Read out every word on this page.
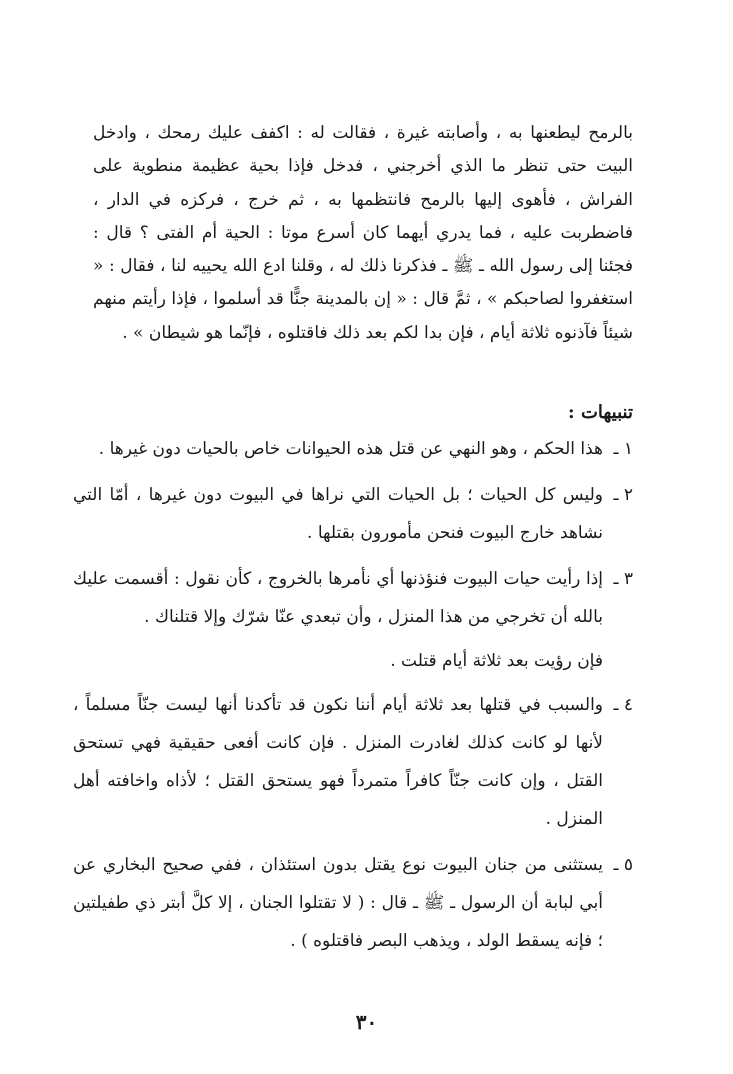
بالرمح ليطعنها به ، وأصابته غيرة ، فقالت له : اكفف عليك رمحك ، وادخل البيت حتى تنظر ما الذي أخرجني ، فدخل فإذا بحية عظيمة منطوية على الفراش ، فأهوى إليها بالرمح فانتظمها به ، ثم خرج ، فركزه في الدار ، فاضطربت عليه ، فما يدري أيهما كان أسرع موتا : الحية أم الفتى ؟ قال : فجئنا إلى رسول الله ـ ﷺ ـ فذكرنا ذلك له ، وقلنا ادع الله يحييه لنا ، فقال : « استغفروا لصاحبكم » ، ثمَّ قال : « إن بالمدينة جنًّا قد أسلموا ، فإذا رأيتم منهم شيئاً فآذنوه ثلاثة أيام ، فإن بدا لكم بعد ذلك فاقتلوه ، فإنّما هو شيطان » .

تنبيهات :
١ ـ
هذا الحكم ، وهو النهي عن قتل هذه الحيوانات خاص بالحيات دون غيرها .
٢ ـ
وليس كل الحيات ؛ بل الحيات التي نراها في البيوت دون غيرها ، أمّا التي نشاهد خارج البيوت فنحن مأمورون بقتلها .
٣ ـ
إذا رأيت حيات البيوت فنؤذنها أي نأمرها بالخروج ، كأن نقول : أقسمت عليك بالله أن تخرجي من هذا المنزل ، وأن تبعدي عنّا شرّك وإلا قتلناك .
فإن رؤيت بعد ثلاثة أيام قتلت .
٤ ـ
والسبب في قتلها بعد ثلاثة أيام أننا نكون قد تأكدنا أنها ليست جنّاً مسلماً ، لأنها لو كانت كذلك لغادرت المنزل . فإن كانت أفعى حقيقية فهي تستحق القتل ، وإن كانت جنّاً كافراً متمرداً فهو يستحق القتل ؛ لأذاه واخافته أهل المنزل .
٥ ـ
يستثنى من جنان البيوت نوع يقتل بدون استئذان ، ففي صحيح البخاري عن أبي لبابة أن الرسول ـ ﷺ ـ قال : ( لا تقتلوا الجنان ، إلا كلَّ أبتر ذي طفيلتين ؛ فإنه يسقط الولد ، ويذهب البصر فاقتلوه ) .
٣٠
